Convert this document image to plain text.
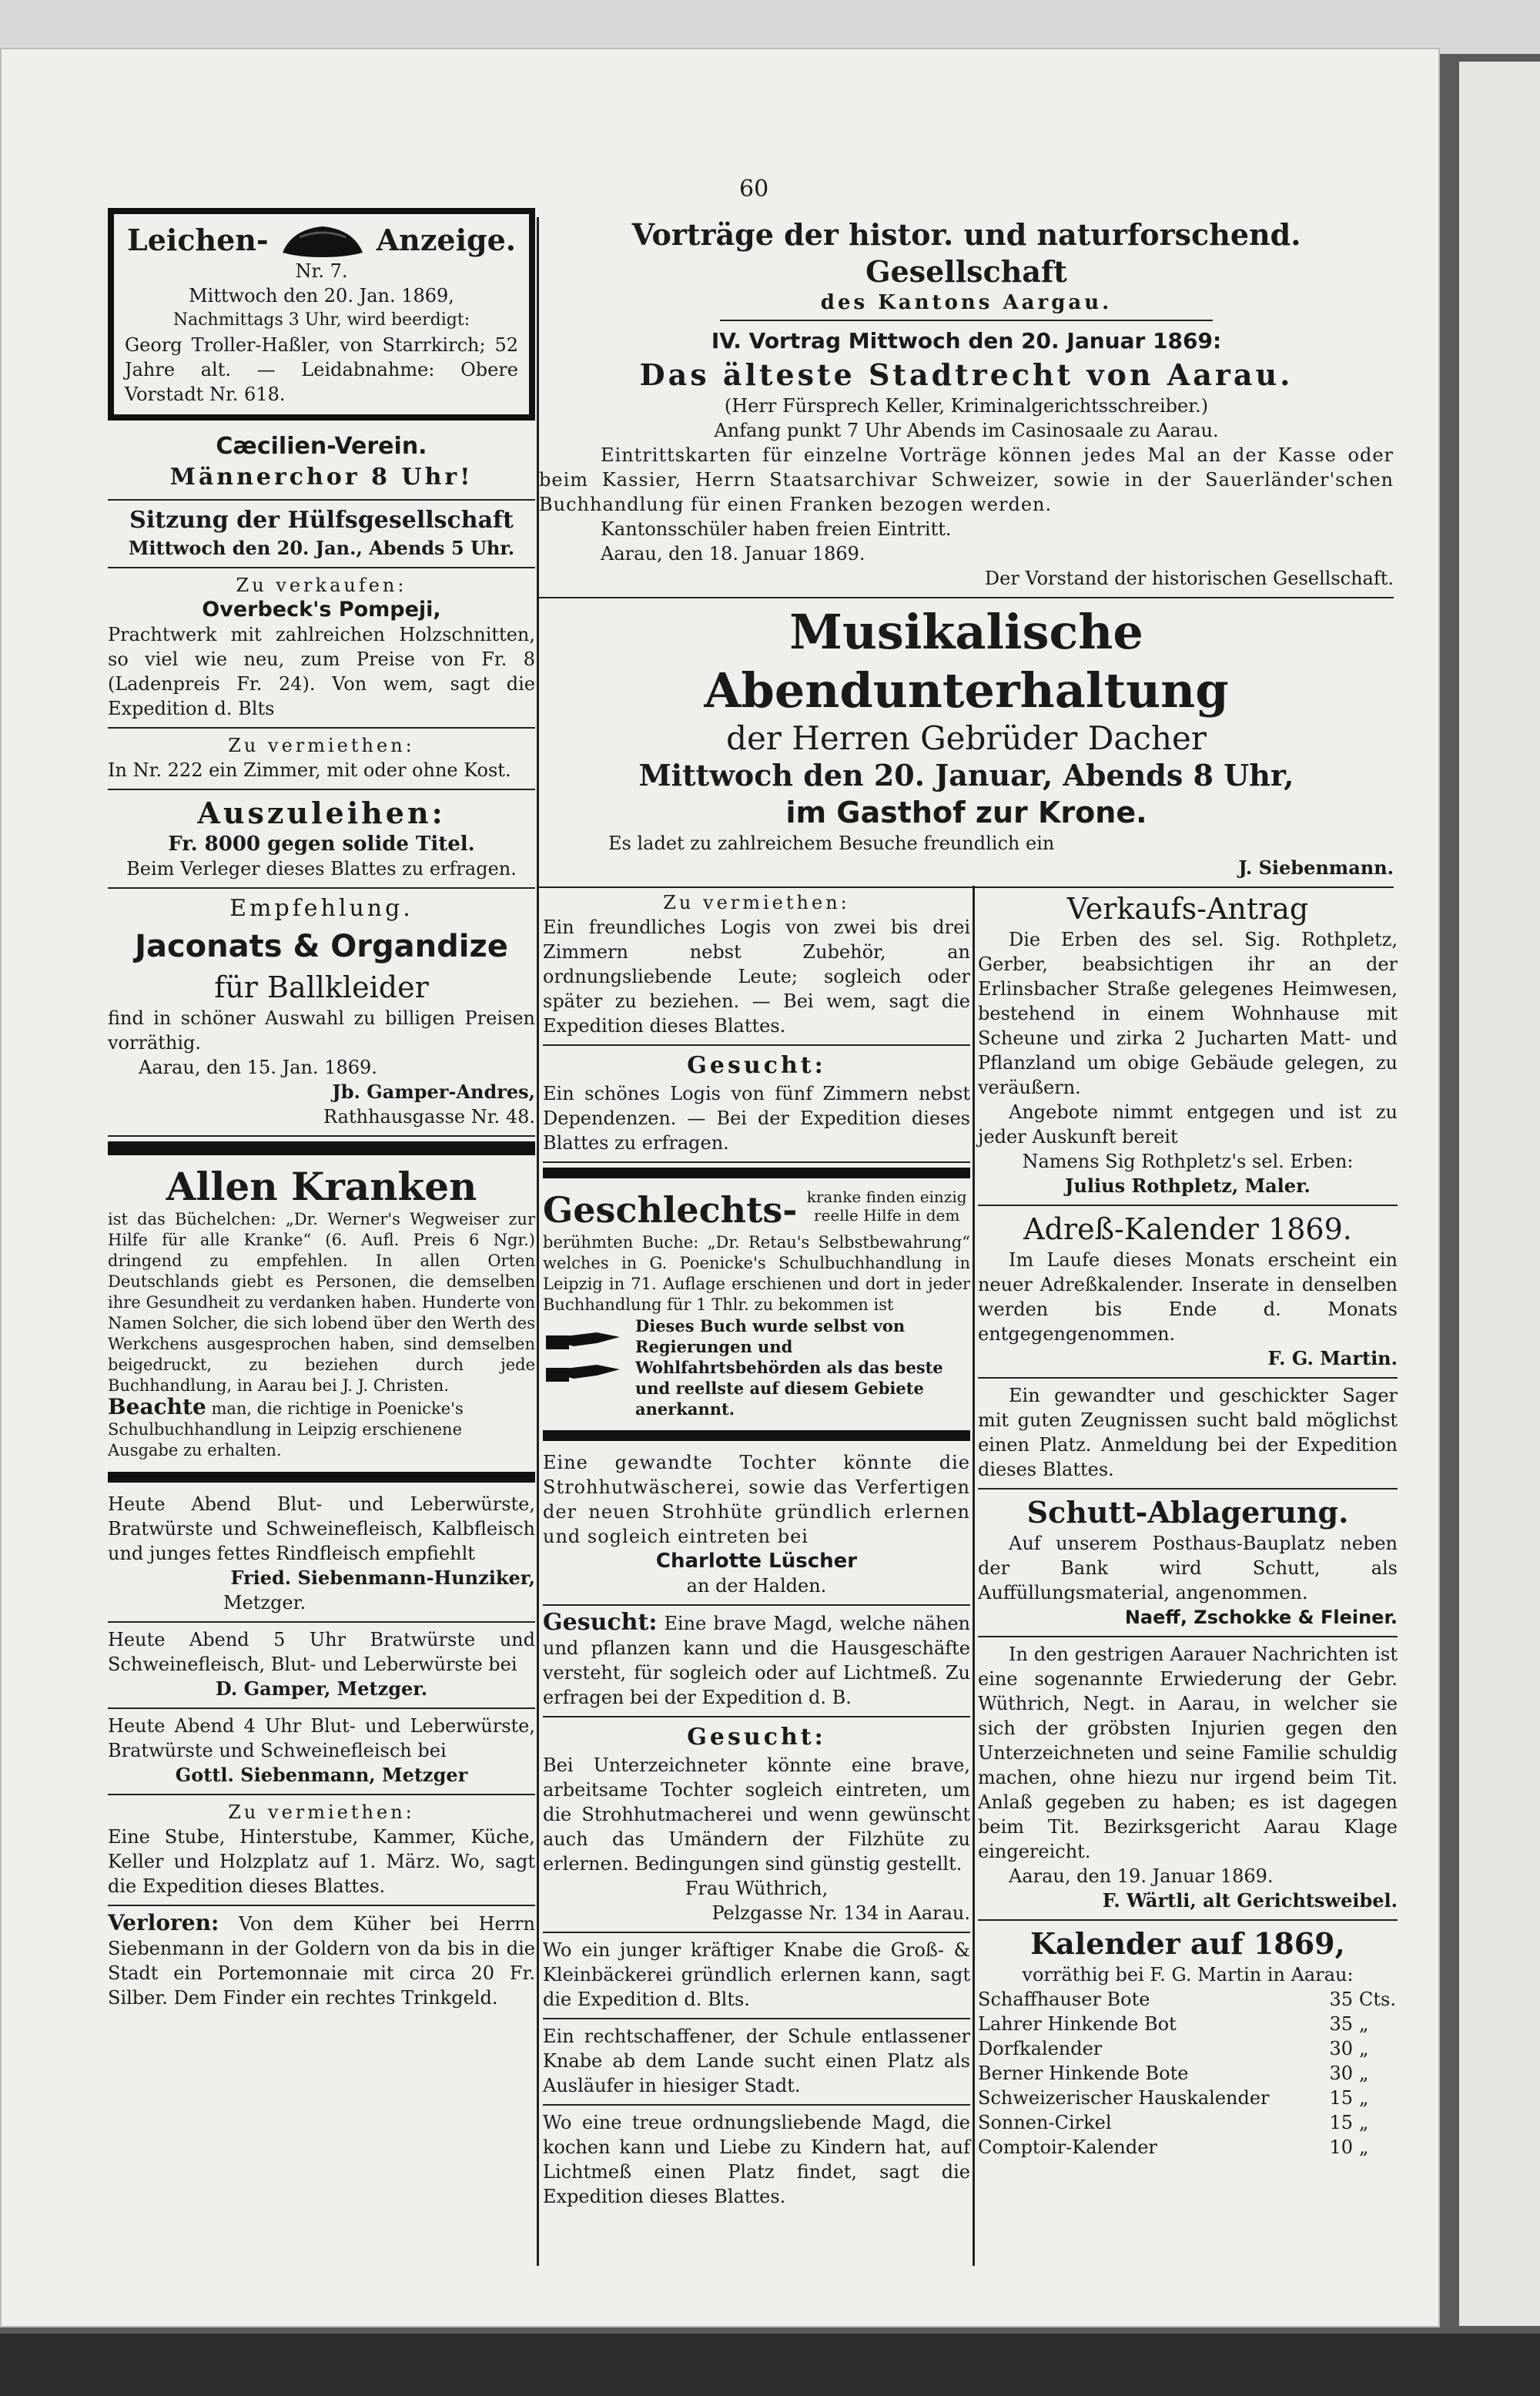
60
Leichen-	Anzeige.

Nr. 7.

Mittwoch den 20. Jan. 1869,

Nachmittags 3 Uhr, wird beerdigt:

Georg Troller-Haßler, von Starrkirch; 52 Jahre alt. — Leidabnahme: Obere Vorstadt Nr. 618.

Cæcilien-Verein.

Männerchor 8 Uhr!

Sitzung der Hülfsgesellschaft

Mittwoch den 20. Jan., Abends 5 Uhr.

Zu verkaufen:

Overbeck's Pompeji,

Prachtwerk mit zahlreichen Holzschnitten, so viel wie neu, zum Preise von Fr. 8 (Ladenpreis Fr. 24). Von wem, sagt die Expedition d. Blts

Zu vermiethen:

In Nr. 222 ein Zimmer, mit oder ohne Kost.

Auszuleihen:

Fr. 8000 gegen solide Titel.

Beim Verleger dieses Blattes zu erfragen.

Empfehlung.

Jaconats & Organdize

für Ballkleider

find in schöner Auswahl zu billigen Preisen vorräthig.

Aarau, den 15. Jan. 1869.

Jb. Gamper-Andres,

Rathhausgasse Nr. 48.

Allen Kranken

ist das Büchelchen: „Dr. Werner's Wegweiser zur Hilfe für alle Kranke“ (6. Aufl. Preis 6 Ngr.) dringend zu empfehlen. In allen Orten Deutschlands giebt es Personen, die demselben ihre Gesundheit zu verdanken haben. Hunderte von Namen Solcher, die sich lobend über den Werth des Werkchens ausgesprochen haben, sind demselben beigedruckt, zu beziehen durch jede Buchhandlung, in Aarau bei J. J. Christen.

Beachte man, die richtige in Poenicke's Schulbuchhandlung in Leipzig erschienene Ausgabe zu erhalten.

Heute Abend Blut- und Leberwürste, Bratwürste und Schweinefleisch, Kalbfleisch und junges fettes Rindfleisch empfiehlt

Fried. Siebenmann-Hunziker,

Metzger.

Heute Abend 5 Uhr Bratwürste und Schweinefleisch, Blut- und Leberwürste bei

D. Gamper, Metzger.

Heute Abend 4 Uhr Blut- und Leberwürste, Bratwürste und Schweinefleisch bei

Gottl. Siebenmann, Metzger

Zu vermiethen:

Eine Stube, Hinterstube, Kammer, Küche, Keller und Holzplatz auf 1. März. Wo, sagt die Expedition dieses Blattes.

Verloren: Von dem Küher bei Herrn Siebenmann in der Goldern von da bis in die Stadt ein Portemonnaie mit circa 20 Fr. Silber. Dem Finder ein rechtes Trinkgeld.

Vorträge der histor. und naturforschend. Gesellschaft

des Kantons Aargau.

IV. Vortrag Mittwoch den 20. Januar 1869:

Das älteste Stadtrecht von Aarau.

(Herr Fürsprech Keller, Kriminalgerichtsschreiber.)

Anfang punkt 7 Uhr Abends im Casinosaale zu Aarau.

Eintrittskarten für einzelne Vorträge können jedes Mal an der Kasse oder beim Kassier, Herrn Staatsarchivar Schweizer, sowie in der Sauerländer'schen Buchhandlung für einen Franken bezogen werden.

Kantonsschüler haben freien Eintritt.

Aarau, den 18. Januar 1869.

Der Vorstand der historischen Gesellschaft.

Musikalische Abendunterhaltung

der Herren Gebrüder Dacher

Mittwoch den 20. Januar, Abends 8 Uhr,

im Gasthof zur Krone.

Es ladet zu zahlreichem Besuche freundlich ein

J. Siebenmann.

Zu vermiethen:

Ein freundliches Logis von zwei bis drei Zimmern nebst Zubehör, an ordnungsliebende Leute; sogleich oder später zu beziehen. — Bei wem, sagt die Expedition dieses Blattes.

Gesucht:

Ein schönes Logis von fünf Zimmern nebst Dependenzen. — Bei der Expedition dieses Blattes zu erfragen.

Geschlechts- kranke finden einzig reelle Hilfe in dem

berühmten Buche: „Dr. Retau's Selbstbewahrung“ welches in G. Poenicke's Schulbuchhandlung in Leipzig in 71. Auflage erschienen und dort in jeder Buchhandlung für 1 Thlr. zu bekommen ist

Dieses Buch wurde selbst von Regierungen und Wohlfahrtsbehörden als das beste und reellste auf diesem Gebiete anerkannt.

Eine gewandte Tochter könnte die Strohhutwäscherei, sowie das Verfertigen der neuen Strohhüte gründlich erlernen und sogleich eintreten bei

Charlotte Lüscher

an der Halden.

Gesucht: Eine brave Magd, welche nähen und pflanzen kann und die Hausgeschäfte versteht, für sogleich oder auf Lichtmeß. Zu erfragen bei der Expedition d. B.

Gesucht:

Bei Unterzeichneter könnte eine brave, arbeitsame Tochter sogleich eintreten, um die Strohhutmacherei und wenn gewünscht auch das Umändern der Filzhüte zu erlernen. Bedingungen sind günstig gestellt.

Frau Wüthrich,

Pelzgasse Nr. 134 in Aarau.

Wo ein junger kräftiger Knabe die Groß- & Kleinbäckerei gründlich erlernen kann, sagt die Expedition d. Blts.

Ein rechtschaffener, der Schule entlassener Knabe ab dem Lande sucht einen Platz als Ausläufer in hiesiger Stadt.

Wo eine treue ordnungsliebende Magd, die kochen kann und Liebe zu Kindern hat, auf Lichtmeß einen Platz findet, sagt die Expedition dieses Blattes.

Verkaufs-Antrag

Die Erben des sel. Sig. Rothpletz, Gerber, beabsichtigen ihr an der Erlinsbacher Straße gelegenes Heimwesen, bestehend in einem Wohnhause mit Scheune und zirka 2 Jucharten Matt- und Pflanzland um obige Gebäude gelegen, zu veräußern.

Angebote nimmt entgegen und ist zu jeder Auskunft bereit

Namens Sig Rothpletz's sel. Erben:

Julius Rothpletz, Maler.

Adreß-Kalender 1869.

Im Laufe dieses Monats erscheint ein neuer Adreßkalender. Inserate in denselben werden bis Ende d. Monats entgegengenommen.

F. G. Martin.

Ein gewandter und geschickter Sager mit guten Zeugnissen sucht bald möglichst einen Platz. Anmeldung bei der Expedition dieses Blattes.

Schutt-Ablagerung.

Auf unserem Posthaus-Bauplatz neben der Bank wird Schutt, als Auffüllungsmaterial, angenommen.

Naeff, Zschokke & Fleiner.

In den gestrigen Aarauer Nachrichten ist eine sogenannte Erwiederung der Gebr. Wüthrich, Negt. in Aarau, in welcher sie sich der gröbsten Injurien gegen den Unterzeichneten und seine Familie schuldig machen, ohne hiezu nur irgend beim Tit. Anlaß gegeben zu haben; es ist dagegen beim Tit. Bezirksgericht Aarau Klage eingereicht.

Aarau, den 19. Januar 1869.

F. Wärtli, alt Gerichtsweibel.

Kalender auf 1869,

vorräthig bei F. G. Martin in Aarau:

Schaffhauser Bote	35	Cts.
Lahrer Hinkende Bot	35	„
Dorfkalender	30	„
Berner Hinkende Bote	30	„
Schweizerischer Hauskalender	15	„
Sonnen-Cirkel	15	„
Comptoir-Kalender	10	„
